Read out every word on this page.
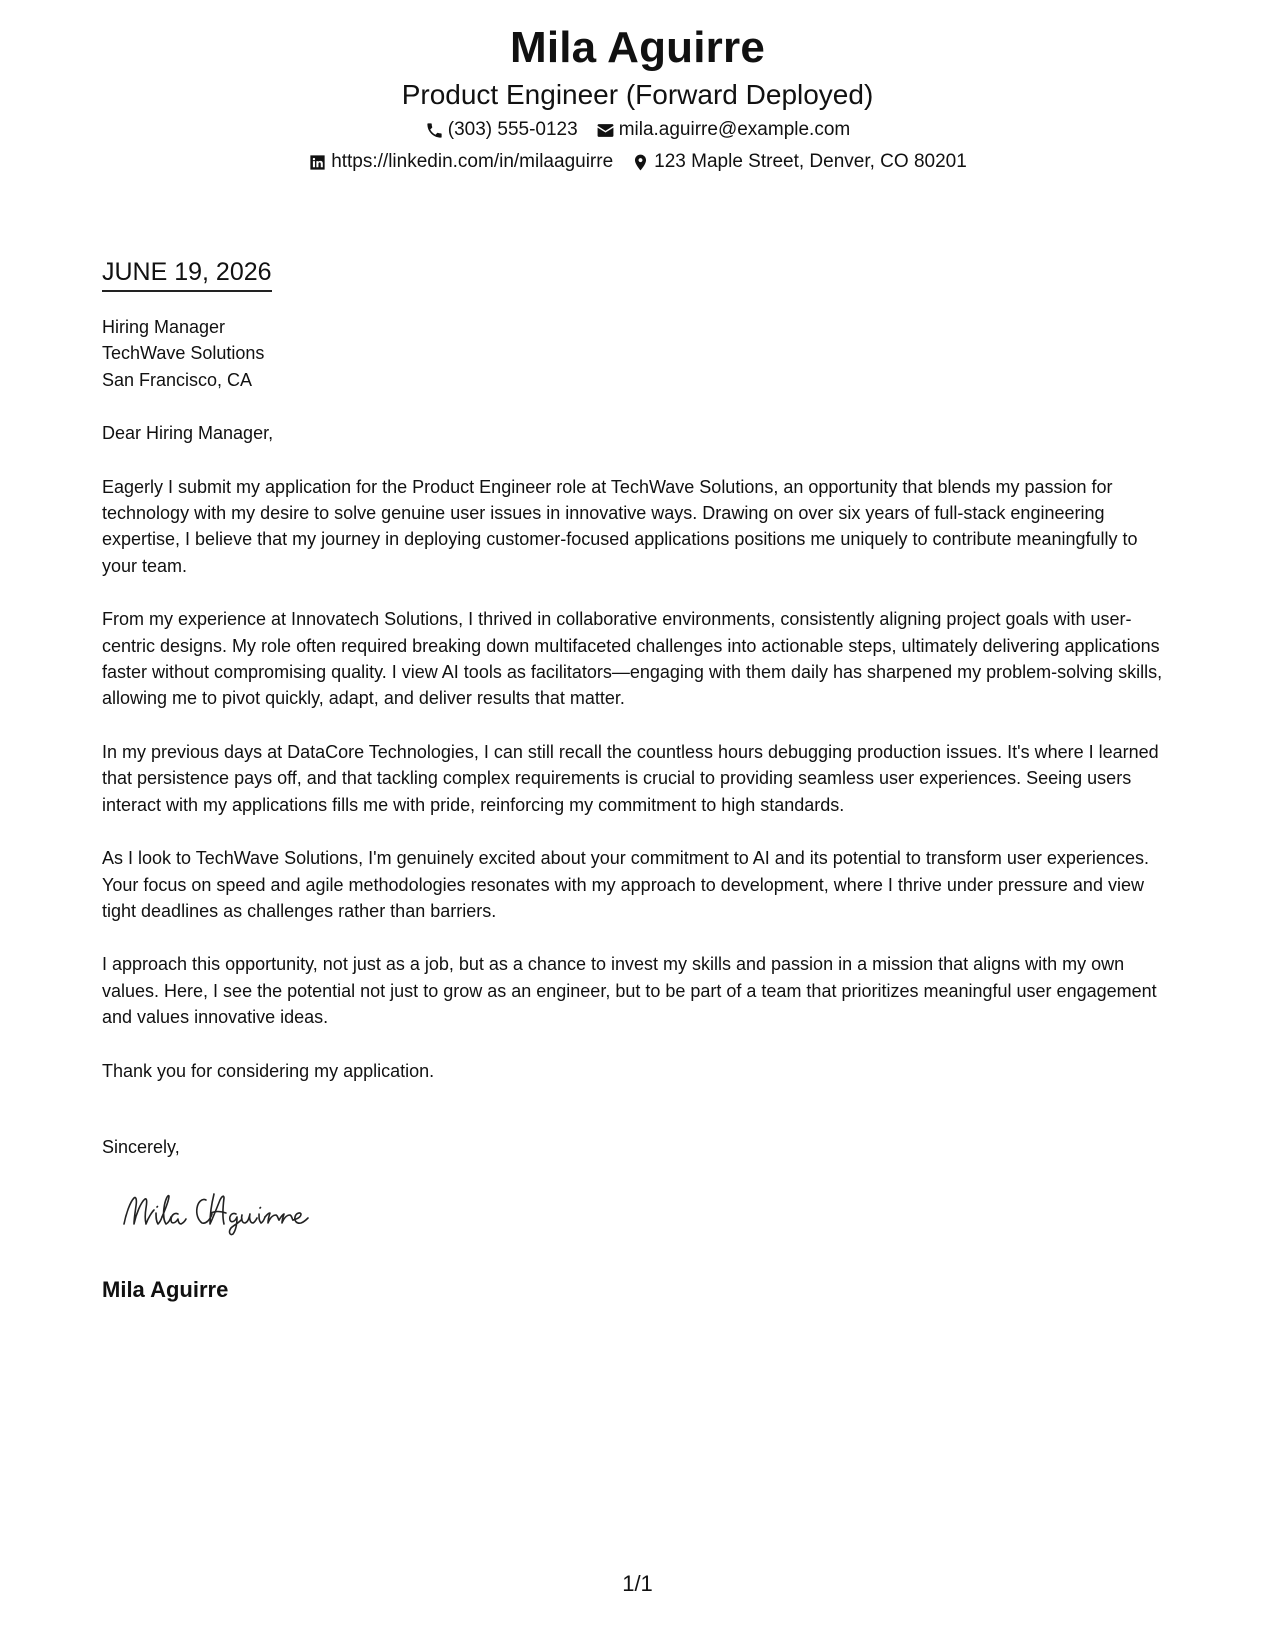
Mila Aguirre
Product Engineer (Forward Deployed)
(303) 555-0123 mila.aguirre@example.com
https://linkedin.com/in/milaaguirre 123 Maple Street, Denver, CO 80201
JUNE 19, 2026
Hiring Manager
TechWave Solutions
San Francisco, CA
Dear Hiring Manager,
Eagerly I submit my application for the Product Engineer role at TechWave Solutions, an opportunity that blends my passion for technology with my desire to solve genuine user issues in innovative ways. Drawing on over six years of full-stack engineering expertise, I believe that my journey in deploying customer-focused applications positions me uniquely to contribute meaningfully to your team.
From my experience at Innovatech Solutions, I thrived in collaborative environments, consistently aligning project goals with user-centric designs. My role often required breaking down multifaceted challenges into actionable steps, ultimately delivering applications faster without compromising quality. I view AI tools as facilitators—engaging with them daily has sharpened my problem-solving skills, allowing me to pivot quickly, adapt, and deliver results that matter.
In my previous days at DataCore Technologies, I can still recall the countless hours debugging production issues. It's where I learned that persistence pays off, and that tackling complex requirements is crucial to providing seamless user experiences. Seeing users interact with my applications fills me with pride, reinforcing my commitment to high standards.
As I look to TechWave Solutions, I'm genuinely excited about your commitment to AI and its potential to transform user experiences. Your focus on speed and agile methodologies resonates with my approach to development, where I thrive under pressure and view tight deadlines as challenges rather than barriers.
I approach this opportunity, not just as a job, but as a chance to invest my skills and passion in a mission that aligns with my own values. Here, I see the potential not just to grow as an engineer, but to be part of a team that prioritizes meaningful user engagement and values innovative ideas.
Thank you for considering my application.
Sincerely,
Mila Aguirre
1/1
